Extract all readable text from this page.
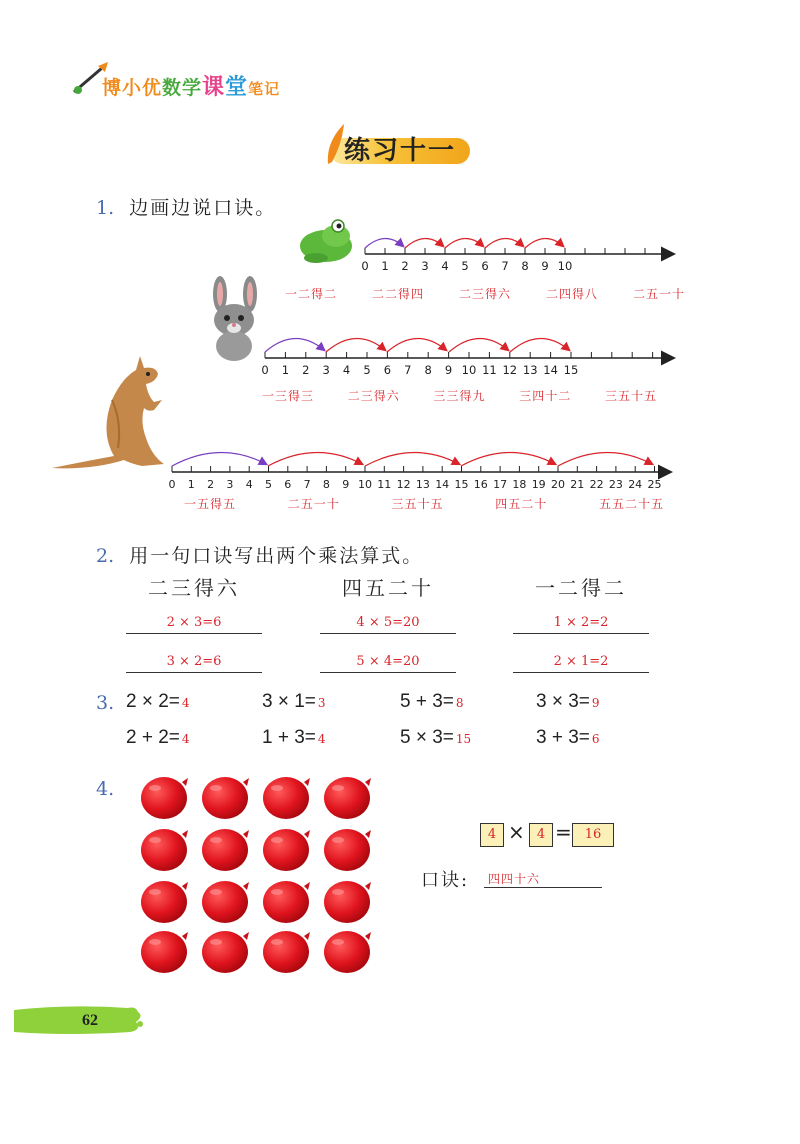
博小优数学课堂笔记
练习十一
1. 边画边说口诀。
0 1 2 3 4 5 6 7 8 9 10
一二得二	二二得四	二三得六	二四得八	二五一十
0 1 2 3 4 5 6 7 8 9 10 11 12 13 14 15
一三得三	二三得六	三三得九	三四十二	三五十五
0 1 2 3 4 5 6 7 8 9 10 11 12 13 14 15 16 17 18 19 20 21 22 23 24 25
一五得五	二五一十	三五十五	四五二十	五五二十五
2. 用一句口诀写出两个乘法算式。
二三得六
2 × 3=6
3 × 2=6
四五二十
4 × 5=20
5 × 4=20
一二得二
1 × 2=2
2 × 1=2
3. 2 × 2= 4	3 × 1= 3	5 + 3= 8	3 × 3= 9
2 + 2= 4	1 + 3= 4	5 × 3= 15	3 + 3= 6
4.
4 × 4 = 16
口诀:	四四十六
62
